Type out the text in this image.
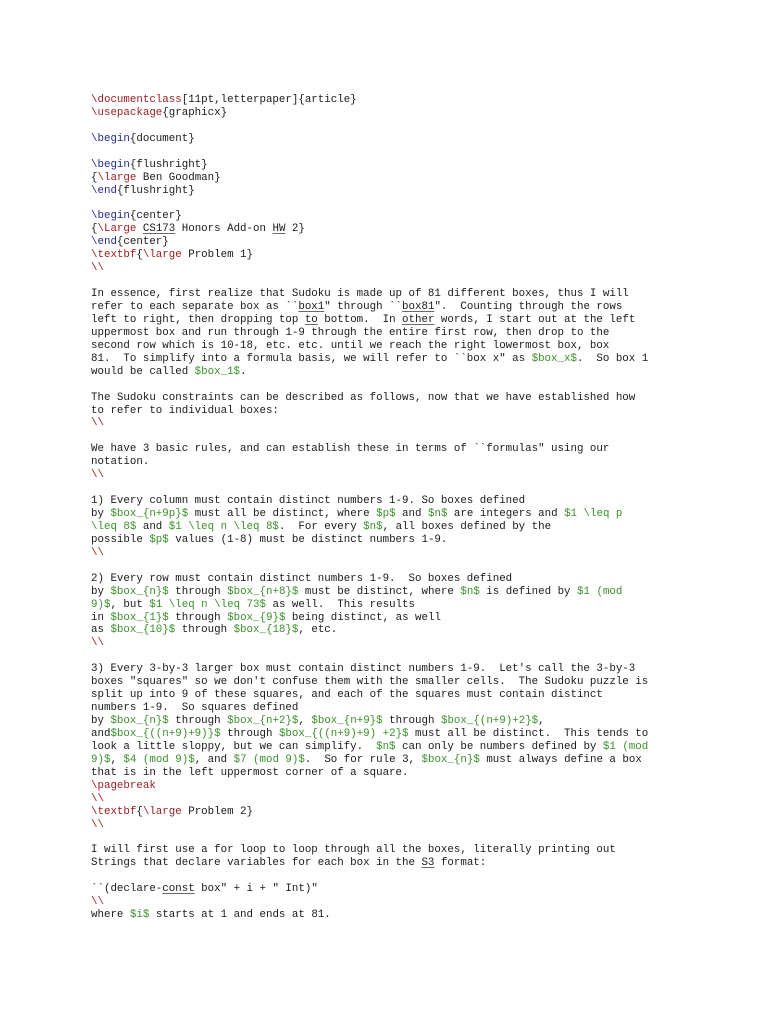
\documentclass[11pt,letterpaper]{article}
\usepackage{graphicx}
\begin{document}
\begin{flushright}
{\large Ben Goodman}
\end{flushright}
\begin{center}
{\Large CS173 Honors Add-on HW 2}
\end{center}
\textbf{\large Problem 1}
\\
In essence, first realize that Sudoku is made up of 81 different boxes, thus I will
refer to each separate box as ``box1" through ``box81".  Counting through the rows
left to right, then dropping top to bottom.  In other words, I start out at the left
uppermost box and run through 1-9 through the entire first row, then drop to the
second row which is 10-18, etc. etc. until we reach the right lowermost box, box
81.  To simplify into a formula basis, we will refer to ``box x" as $box_x$.  So box 1
would be called $box_1$.
The Sudoku constraints can be described as follows, now that we have established how
to refer to individual boxes:
\\
We have 3 basic rules, and can establish these in terms of ``formulas" using our
notation.
\\
1) Every column must contain distinct numbers 1-9. So boxes defined
by $box_{n+9p}$ must all be distinct, where $p$ and $n$ are integers and $1 \leq p
\leq 8$ and $1 \leq n \leq 8$.  For every $n$, all boxes defined by the
possible $p$ values (1-8) must be distinct numbers 1-9.
\\
2) Every row must contain distinct numbers 1-9.  So boxes defined
by $box_{n}$ through $box_{n+8}$ must be distinct, where $n$ is defined by $1 (mod
9)$, but $1 \leq n \leq 73$ as well.  This results
in $box_{1}$ through $box_{9}$ being distinct, as well
as $box_{10}$ through $box_{18}$, etc.
\\
3) Every 3-by-3 larger box must contain distinct numbers 1-9.  Let's call the 3-by-3
boxes "squares" so we don't confuse them with the smaller cells.  The Sudoku puzzle is
split up into 9 of these squares, and each of the squares must contain distinct
numbers 1-9.  So squares defined
by $box_{n}$ through $box_{n+2}$, $box_{n+9}$ through $box_{(n+9)+2}$,
and$box_{((n+9)+9)}$ through $box_{((n+9)+9) +2}$ must all be distinct.  This tends to
look a little sloppy, but we can simplify.  $n$ can only be numbers defined by $1 (mod
9)$, $4 (mod 9)$, and $7 (mod 9)$.  So for rule 3, $box_{n}$ must always define a box
that is in the left uppermost corner of a square.
\pagebreak
\\
\textbf{\large Problem 2}
\\
I will first use a for loop to loop through all the boxes, literally printing out
Strings that declare variables for each box in the S3 format:
``(declare-const box" + i + " Int)"
\\
where $i$ starts at 1 and ends at 81.
